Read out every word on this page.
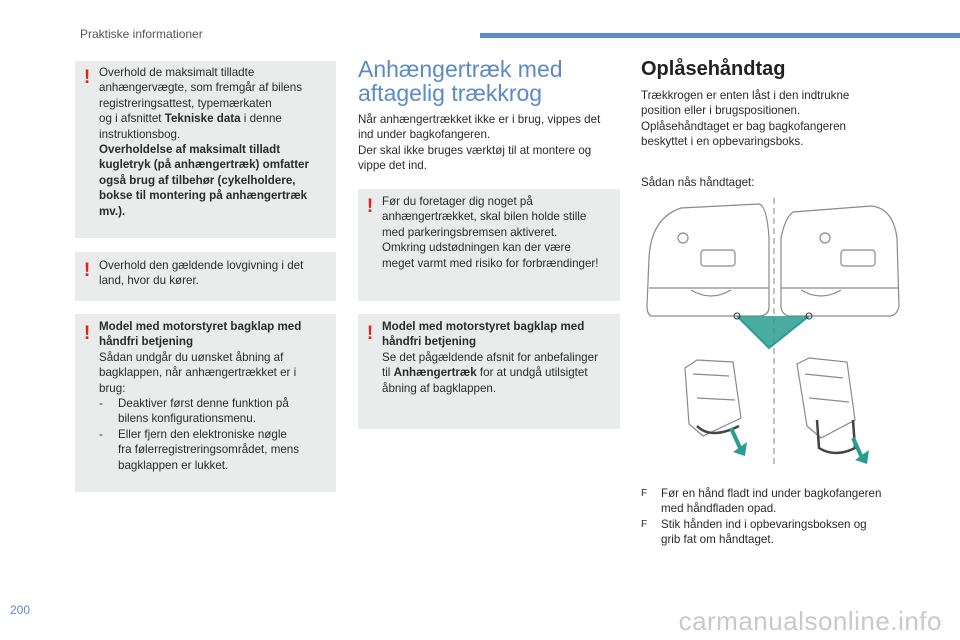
Praktiske informationer
! Overhold de maksimalt tilladte
anhængervægte, som fremgår af bilens
registreringsattest, typemærkaten
og i afsnittet Tekniske data i denne
instruktionsbog.
Overholdelse af maksimalt tilladt
kugletryk (på anhængertræk) omfatter
også brug af tilbehør (cykelholdere,
bokse til montering på anhængertræk
mv.).

! Overhold den gældende lovgivning i det
land, hvor du kører.

! Model med motorstyret bagklap med
håndfri betjening
Sådan undgår du uønsket åbning af
bagklappen, når anhængertrækket er i
brug:

-	Deaktiver først denne funktion på
bilens konfigurationsmenu.
-	Eller fjern den elektroniske nøgle
fra følerregistreringsområdet, mens
bagklappen er lukket.
Anhængertræk med
aftagelig trækkrog

Når anhængertrækket ikke er i brug, vippes det
ind under bagkofangeren.
Der skal ikke bruges værktøj til at montere og
vippe det ind.

! Før du foretager dig noget på
anhængertrækket, skal bilen holde stille
med parkeringsbremsen aktiveret.
Omkring udstødningen kan der være
meget varmt med risiko for forbrændinger!

! Model med motorstyret bagklap med
håndfri betjening
Se det pågældende afsnit for anbefalinger
til Anhængertræk for at undgå utilsigtet
åbning af bagklappen.

Oplåsehåndtag

Trækkrogen er enten låst i den indtrukne
position eller i brugspositionen.
Oplåsehåndtaget er bag bagkofangeren
beskyttet i en opbevaringsboks.

Sådan nås håndtaget:

F	Før en hånd fladt ind under bagkofangeren
med håndfladen opad.
F	Stik hånden ind i opbevaringsboksen og
grib fat om håndtaget.
200	carmanualsonline.info
